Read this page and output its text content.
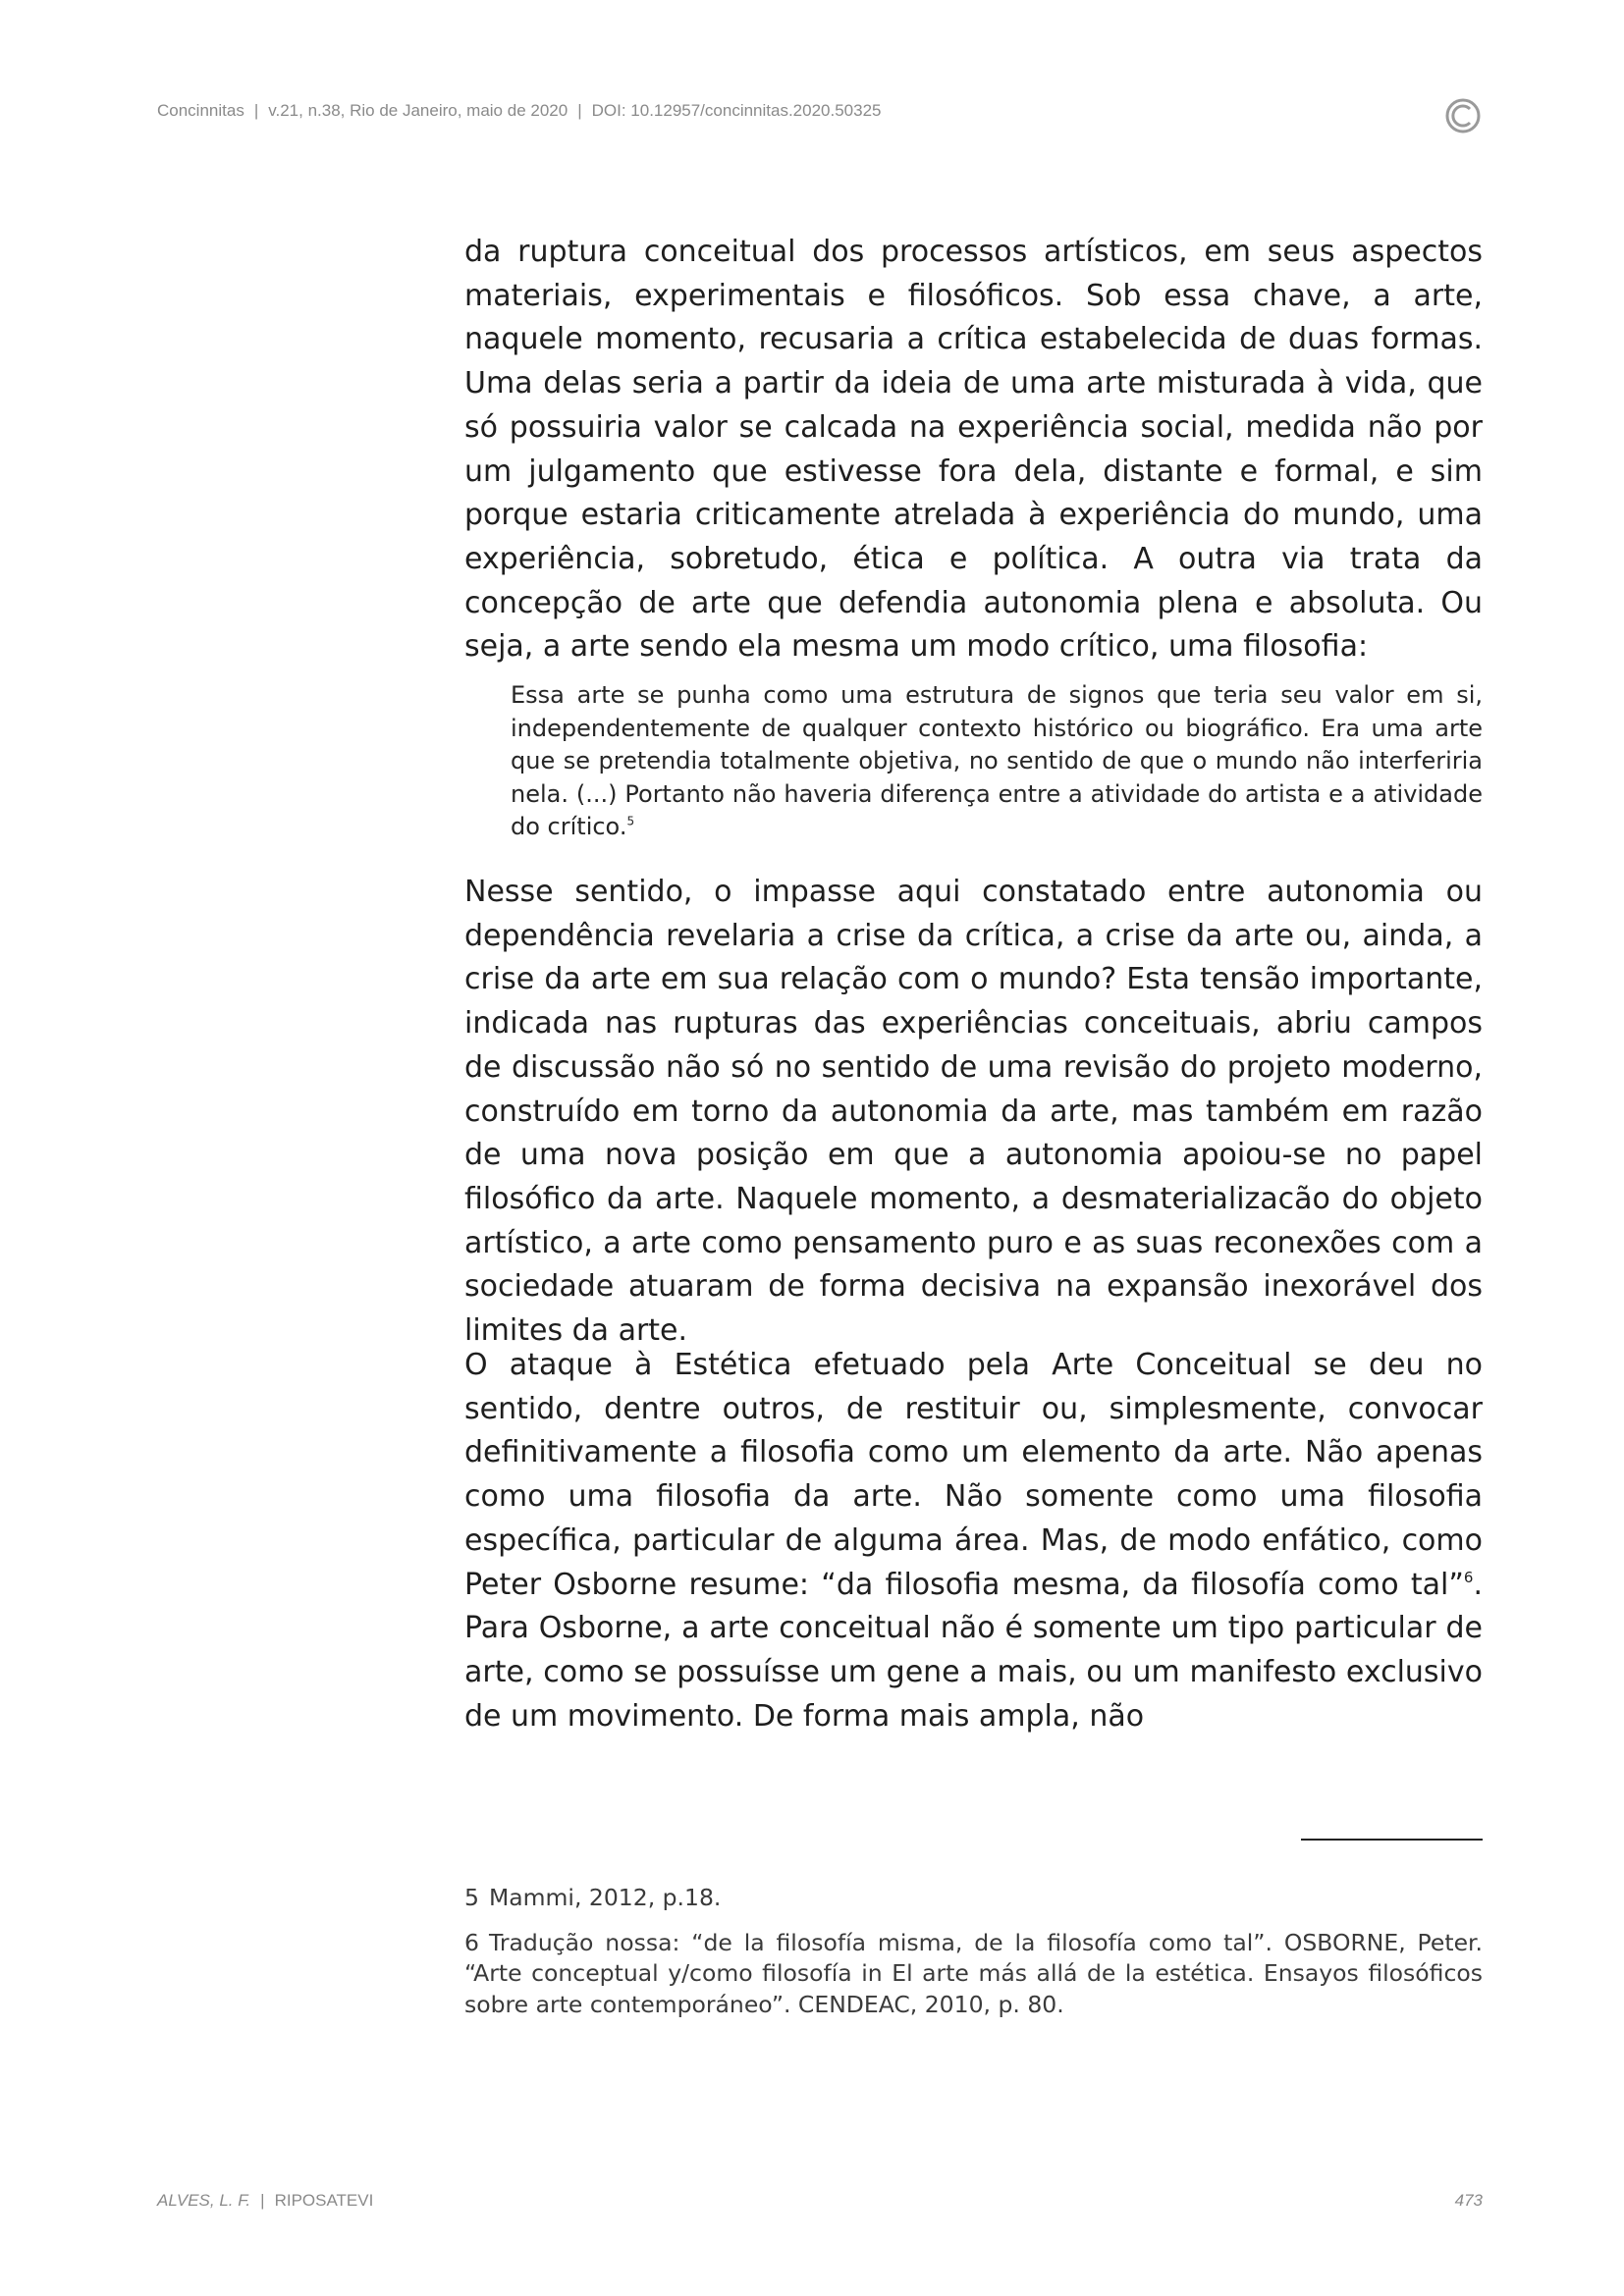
Concinnitas | v.21, n.38, Rio de Janeiro, maio de 2020 | DOI: 10.12957/concinnitas.2020.50325
da ruptura conceitual dos processos artísticos, em seus aspectos materiais, experimentais e filosóficos. Sob essa chave, a arte, naquele momento, recusaria a crítica estabelecida de duas formas. Uma delas seria a partir da ideia de uma arte misturada à vida, que só possuiria valor se calcada na experiência social, medida não por um julgamento que estivesse fora dela, distante e formal, e sim porque estaria criticamente atrelada à experiência do mundo, uma experiência, sobretudo, ética e política. A outra via trata da concepção de arte que defendia autonomia plena e absoluta. Ou seja, a arte sendo ela mesma um modo crítico, uma filosofia:
Essa arte se punha como uma estrutura de signos que teria seu valor em si, independentemente de qualquer contexto histórico ou biográfico. Era uma arte que se pretendia totalmente objetiva, no sentido de que o mundo não interferiria nela. (...) Portanto não haveria diferença entre a atividade do artista e a atividade do crítico.$^5$
Nesse sentido, o impasse aqui constatado entre autonomia ou dependência revelaria a crise da crítica, a crise da arte ou, ainda, a crise da arte em sua relação com o mundo? Esta tensão importante, indicada nas rupturas das experiências conceituais, abriu campos de discussão não só no sentido de uma revisão do projeto moderno, construído em torno da autonomia da arte, mas também em razão de uma nova posição em que a autonomia apoiou-se no papel filosófico da arte. Naquele momento, a desmaterializacão do objeto artístico, a arte como pensamento puro e as suas reconexões com a sociedade atuaram de forma decisiva na expansão inexorável dos limites da arte.
O ataque à Estética efetuado pela Arte Conceitual se deu no sentido, dentre outros, de restituir ou, simplesmente, convocar definitivamente a filosofia como um elemento da arte. Não apenas como uma filosofia da arte. Não somente como uma filosofia específica, particular de alguma área. Mas, de modo enfático, como Peter Osborne resume: “da filosofia mesma, da filosofía como tal”$^6$. Para Osborne, a arte conceitual não é somente um tipo particular de arte, como se possuísse um gene a mais, ou um manifesto exclusivo de um movimento. De forma mais ampla, não
5 Mammi, 2012, p.18.
6 Tradução nossa: “de la filosofía misma, de la filosofía como tal”. OSBORNE, Peter. “Arte conceptual y/como filosofía in El arte más allá de la estética. Ensayos filosóficos sobre arte contemporáneo”. CENDEAC, 2010, p. 80.
ALVES, L. F. | RIPOSATEVI	473
